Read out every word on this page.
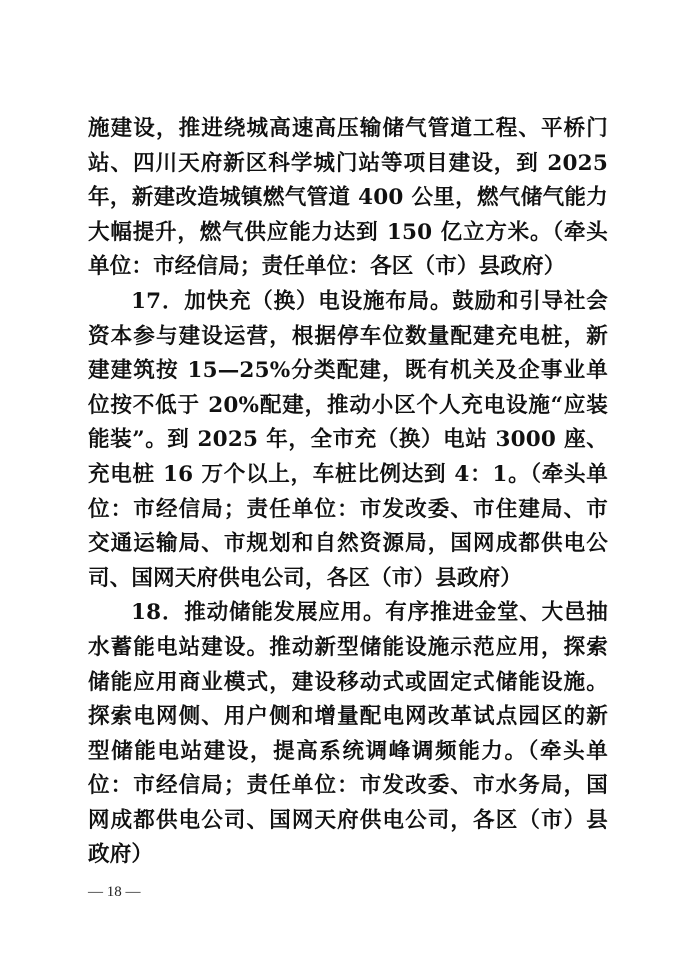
施建设，推进绕城高速高压输储气管道工程、平桥门站、四川天府新区科学城门站等项目建设，到 2025 年，新建改造城镇燃气管道 400 公里，燃气储气能力大幅提升，燃气供应能力达到 150 亿立方米。（牵头单位：市经信局；责任单位：各区（市）县政府）

17．加快充（换）电设施布局。鼓励和引导社会资本参与建设运营，根据停车位数量配建充电桩，新建建筑按 15—25%分类配建，既有机关及企事业单位按不低于 20%配建，推动小区个人充电设施“应装能装”。到 2025 年，全市充（换）电站 3000 座、充电桩 16 万个以上，车桩比例达到 4：1。（牵头单位：市经信局；责任单位：市发改委、市住建局、市交通运输局、市规划和自然资源局，国网成都供电公司、国网天府供电公司，各区（市）县政府）

18．推动储能发展应用。有序推进金堂、大邑抽水蓄能电站建设。推动新型储能设施示范应用，探索储能应用商业模式，建设移动式或固定式储能设施。探索电网侧、用户侧和增量配电网改革试点园区的新型储能电站建设，提高系统调峰调频能力。（牵头单位：市经信局；责任单位：市发改委、市水务局，国网成都供电公司、国网天府供电公司，各区（市）县政府）

— 18 —
